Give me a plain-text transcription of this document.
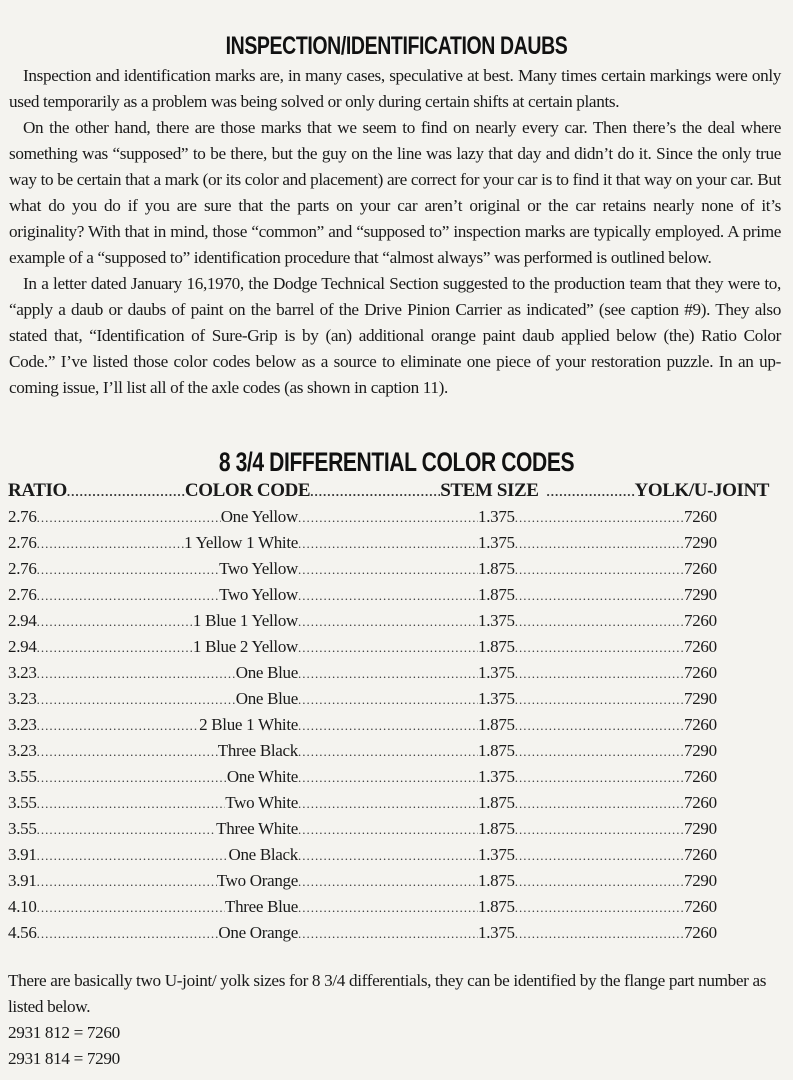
INSPECTION/IDENTIFICATION DAUBS

Inspection and identification marks are, in many cases, speculative at best. Many times certain markings were only used temporarily as a problem was being solved or only during certain shifts at certain plants.

On the other hand, there are those marks that we seem to find on nearly every car. Then there’s the deal where something was “supposed” to be there, but the guy on the line was lazy that day and didn’t do it. Since the only true way to be certain that a mark (or its color and placement) are correct for your car is to find it that way on your car. But what do you do if you are sure that the parts on your car aren’t original or the car retains nearly none of it’s originality? With that in mind, those “common” and “supposed to” inspection marks are typically employed. A prime example of a “supposed to” identification procedure that “almost always” was performed is outlined below.

In a letter dated January 16,1970, the Dodge Technical Section suggested to the production team that they were to, “apply a daub or daubs of paint on the barrel of the Drive Pinion Carrier as indicated” (see caption #9). They also stated that, “Identification of Sure-Grip is by (an) additional orange paint daub applied below (the) Ratio Color Code.” I’ve listed those color codes below as a source to eliminate one piece of your restoration puzzle. In an up-coming issue, I’ll list all of the axle codes (as shown in caption 11).

8 3/4 DIFFERENTIAL COLOR CODES
RATIO .....	COLOR CODE .....	STEM SIZE .....	YOLK/U-JOINT
2.76 .....	One Yellow .....	1.375 .....	7260
2.76 .....	1 Yellow 1 White .....	1.375 .....	7290
2.76 .....	Two Yellow .....	1.875 .....	7260
2.76 .....	Two Yellow .....	1.875 .....	7290
2.94 .....	1 Blue 1 Yellow .....	1.375 .....	7260
2.94 .....	1 Blue 2 Yellow .....	1.875 .....	7260
3.23 .....	One Blue .....	1.375 .....	7260
3.23 .....	One Blue .....	1.375 .....	7290
3.23 .....	2 Blue 1 White .....	1.875 .....	7260
3.23 .....	Three Black .....	1.875 .....	7290
3.55 .....	One White .....	1.375 .....	7260
3.55 .....	Two White .....	1.875 .....	7260
3.55 .....	Three White .....	1.875 .....	7290
3.91 .....	One Black .....	1.375 .....	7260
3.91 .....	Two Orange .....	1.875 .....	7290
4.10 .....	Three Blue .....	1.875 .....	7260
4.56 .....	One Orange .....	1.375 .....	7260

There are basically two U-joint/ yolk sizes for 8 3/4 differentials, they can be identified by the flange part number as listed below.

2931 812 = 7260

2931 814 = 7290
